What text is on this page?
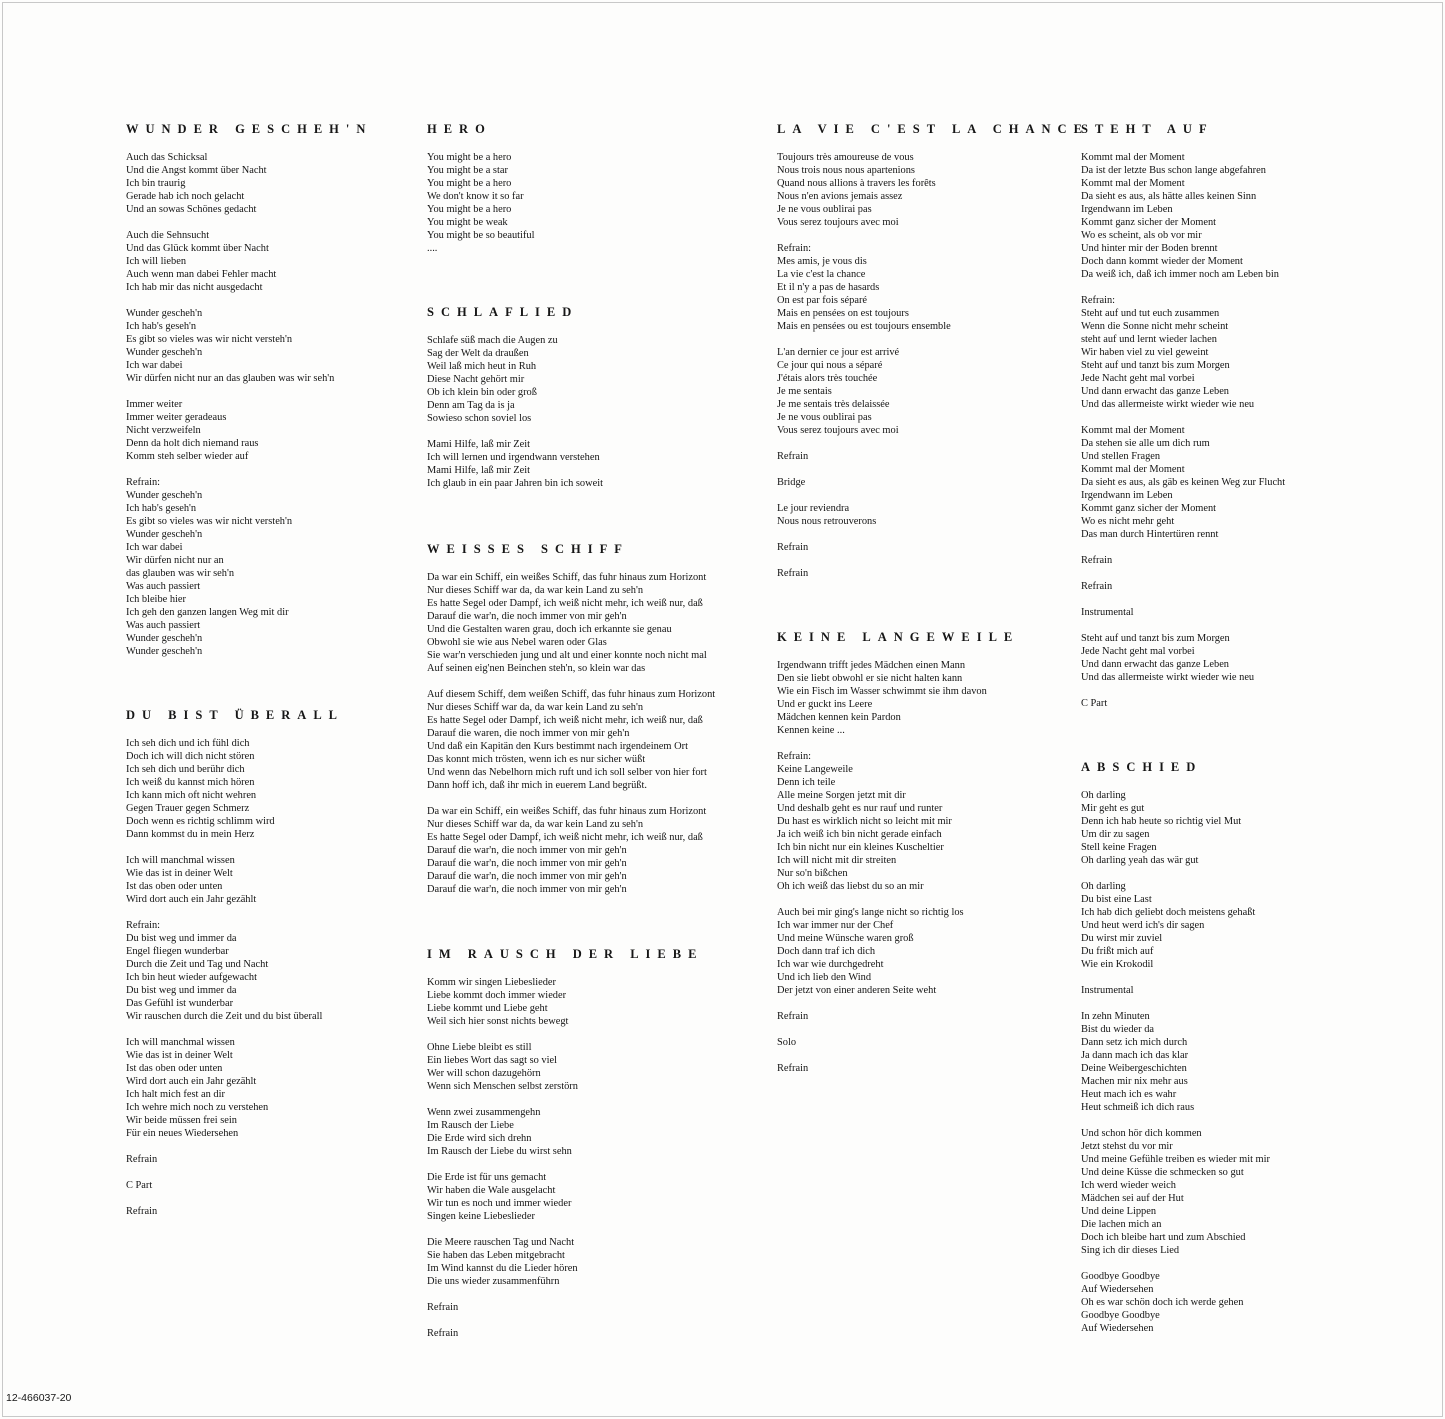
WUNDER GESCHEH'N
Auch das Schicksal
Und die Angst kommt über Nacht
Ich bin traurig
Gerade hab ich noch gelacht
Und an sowas Schönes gedacht
Auch die Sehnsucht
Und das Glück kommt über Nacht
Ich will lieben
Auch wenn man dabei Fehler macht
Ich hab mir das nicht ausgedacht
Wunder gescheh'n
Ich hab's geseh'n
Es gibt so vieles was wir nicht versteh'n
Wunder gescheh'n
Ich war dabei
Wir dürfen nicht nur an das glauben was wir seh'n
Immer weiter
Immer weiter geradeaus
Nicht verzweifeln
Denn da holt dich niemand raus
Komm steh selber wieder auf
Refrain:
Wunder gescheh'n
Ich hab's geseh'n
Es gibt so vieles was wir nicht versteh'n
Wunder gescheh'n
Ich war dabei
Wir dürfen nicht nur an
das glauben was wir seh'n
Was auch passiert
Ich bleibe hier
Ich geh den ganzen langen Weg mit dir
Was auch passiert
Wunder gescheh'n
Wunder gescheh'n
DU BIST ÜBERALL
Ich seh dich und ich fühl dich
Doch ich will dich nicht stören
Ich seh dich und berühr dich
Ich weiß du kannst mich hören
Ich kann mich oft nicht wehren
Gegen Trauer gegen Schmerz
Doch wenn es richtig schlimm wird
Dann kommst du in mein Herz
Ich will manchmal wissen
Wie das ist in deiner Welt
Ist das oben oder unten
Wird dort auch ein Jahr gezählt
Refrain:
Du bist weg und immer da
Engel fliegen wunderbar
Durch die Zeit und Tag und Nacht
Ich bin heut wieder aufgewacht
Du bist weg und immer da
Das Gefühl ist wunderbar
Wir rauschen durch die Zeit und du bist überall
Ich will manchmal wissen
Wie das ist in deiner Welt
Ist das oben oder unten
Wird dort auch ein Jahr gezählt
Ich halt mich fest an dir
Ich wehre mich noch zu verstehen
Wir beide müssen frei sein
Für ein neues Wiedersehen
Refrain
C Part
Refrain
HERO
You might be a hero
You might be a star
You might be a hero
We don't know it so far
You might be a hero
You might be weak
You might be so beautiful
....
SCHLAFLIED
Schlafe süß mach die Augen zu
Sag der Welt da draußen
Weil laß mich heut in Ruh
Diese Nacht gehört mir
Ob ich klein bin oder groß
Denn am Tag da is ja
Sowieso schon soviel los
Mami Hilfe, laß mir Zeit
Ich will lernen und irgendwann verstehen
Mami Hilfe, laß mir Zeit
Ich glaub in ein paar Jahren bin ich soweit
WEISSES SCHIFF
Da war ein Schiff, ein weißes Schiff, das fuhr hinaus zum Horizont
Nur dieses Schiff war da, da war kein Land zu seh'n
Es hatte Segel oder Dampf, ich weiß nicht mehr, ich weiß nur, daß
Darauf die war'n, die noch immer von mir geh'n
Und die Gestalten waren grau, doch ich erkannte sie genau
Obwohl sie wie aus Nebel waren oder Glas
Sie war'n verschieden jung und alt und einer konnte noch nicht mal
Auf seinen eig'nen Beinchen steh'n, so klein war das
Auf diesem Schiff, dem weißen Schiff, das fuhr hinaus zum Horizont
Nur dieses Schiff war da, da war kein Land zu seh'n
Es hatte Segel oder Dampf, ich weiß nicht mehr, ich weiß nur, daß
Darauf die waren, die noch immer von mir geh'n
Und daß ein Kapitän den Kurs bestimmt nach irgendeinem Ort
Das konnt mich trösten, wenn ich es nur sicher wüßt
Und wenn das Nebelhorn mich ruft und ich soll selber von hier fort
Dann hoff ich, daß ihr mich in euerem Land begrüßt.
Da war ein Schiff, ein weißes Schiff, das fuhr hinaus zum Horizont
Nur dieses Schiff war da, da war kein Land zu seh'n
Es hatte Segel oder Dampf, ich weiß nicht mehr, ich weiß nur, daß
Darauf die war'n, die noch immer von mir geh'n
Darauf die war'n, die noch immer von mir geh'n
Darauf die war'n, die noch immer von mir geh'n
Darauf die war'n, die noch immer von mir geh'n
IM RAUSCH DER LIEBE
Komm wir singen Liebeslieder
Liebe kommt doch immer wieder
Liebe kommt und Liebe geht
Weil sich hier sonst nichts bewegt
Ohne Liebe bleibt es still
Ein liebes Wort das sagt so viel
Wer will schon dazugehörn
Wenn sich Menschen selbst zerstörn
Wenn zwei zusammengehn
Im Rausch der Liebe
Die Erde wird sich drehn
Im Rausch der Liebe du wirst sehn
Die Erde ist für uns gemacht
Wir haben die Wale ausgelacht
Wir tun es noch und immer wieder
Singen keine Liebeslieder
Die Meere rauschen Tag und Nacht
Sie haben das Leben mitgebracht
Im Wind kannst du die Lieder hören
Die uns wieder zusammenführn
Refrain
Refrain
LA VIE C'EST LA CHANCE
Toujours très amoureuse de vous
Nous trois nous nous apartenions
Quand nous allions à travers les forêts
Nous n'en avions jemais assez
Je ne vous oublirai pas
Vous serez toujours avec moi
Refrain:
Mes amis, je vous dis
La vie c'est la chance
Et il n'y a pas de hasards
On est par fois séparé
Mais en pensées on est toujours
Mais en pensées ou est toujours ensemble
L'an dernier ce jour est arrivé
Ce jour qui nous a séparé
J'étais alors très touchée
Je me sentais
Je me sentais très delaissée
Je ne vous oublirai pas
Vous serez toujours avec moi
Refrain
Bridge
Le jour reviendra
Nous nous retrouverons
Refrain
Refrain
KEINE LANGEWEILE
Irgendwann trifft jedes Mädchen einen Mann
Den sie liebt obwohl er sie nicht halten kann
Wie ein Fisch im Wasser schwimmt sie ihm davon
Und er guckt ins Leere
Mädchen kennen kein Pardon
Kennen keine ...
Refrain:
Keine Langeweile
Denn ich teile
Alle meine Sorgen jetzt mit dir
Und deshalb geht es nur rauf und runter
Du hast es wirklich nicht so leicht mit mir
Ja ich weiß ich bin nicht gerade einfach
Ich bin nicht nur ein kleines Kuscheltier
Ich will nicht mit dir streiten
Nur so'n bißchen
Oh ich weiß das liebst du so an mir
Auch bei mir ging's lange nicht so richtig los
Ich war immer nur der Chef
Und meine Wünsche waren groß
Doch dann traf ich dich
Ich war wie durchgedreht
Und ich lieb den Wind
Der jetzt von einer anderen Seite weht
Refrain
Solo
Refrain
STEHT AUF
Kommt mal der Moment
Da ist der letzte Bus schon lange abgefahren
Kommt mal der Moment
Da sieht es aus, als hätte alles keinen Sinn
Irgendwann im Leben
Kommt ganz sicher der Moment
Wo es scheint, als ob vor mir
Und hinter mir der Boden brennt
Doch dann kommt wieder der Moment
Da weiß ich, daß ich immer noch am Leben bin
Refrain:
Steht auf und tut euch zusammen
Wenn die Sonne nicht mehr scheint
steht auf und lernt wieder lachen
Wir haben viel zu viel geweint
Steht auf und tanzt bis zum Morgen
Jede Nacht geht mal vorbei
Und dann erwacht das ganze Leben
Und das allermeiste wirkt wieder wie neu
Kommt mal der Moment
Da stehen sie alle um dich rum
Und stellen Fragen
Kommt mal der Moment
Da sieht es aus, als gäb es keinen Weg zur Flucht
Irgendwann im Leben
Kommt ganz sicher der Moment
Wo es nicht mehr geht
Das man durch Hintertüren rennt
Refrain
Refrain
Instrumental
Steht auf und tanzt bis zum Morgen
Jede Nacht geht mal vorbei
Und dann erwacht das ganze Leben
Und das allermeiste wirkt wieder wie neu
C Part
ABSCHIED
Oh darling
Mir geht es gut
Denn ich hab heute so richtig viel Mut
Um dir zu sagen
Stell keine Fragen
Oh darling yeah das wär gut
Oh darling
Du bist eine Last
Ich hab dich geliebt doch meistens gehaßt
Und heut werd ich's dir sagen
Du wirst mir zuviel
Du frißt mich auf
Wie ein Krokodil
Instrumental
In zehn Minuten
Bist du wieder da
Dann setz ich mich durch
Ja dann mach ich das klar
Deine Weibergeschichten
Machen mir nix mehr aus
Heut mach ich es wahr
Heut schmeiß ich dich raus
Und schon hör dich kommen
Jetzt stehst du vor mir
Und meine Gefühle treiben es wieder mit mir
Und deine Küsse die schmecken so gut
Ich werd wieder weich
Mädchen sei auf der Hut
Und deine Lippen
Die lachen mich an
Doch ich bleibe hart und zum Abschied
Sing ich dir dieses Lied
Goodbye Goodbye
Auf Wiedersehen
Oh es war schön doch ich werde gehen
Goodbye Goodbye
Auf Wiedersehen
12-466037-20
